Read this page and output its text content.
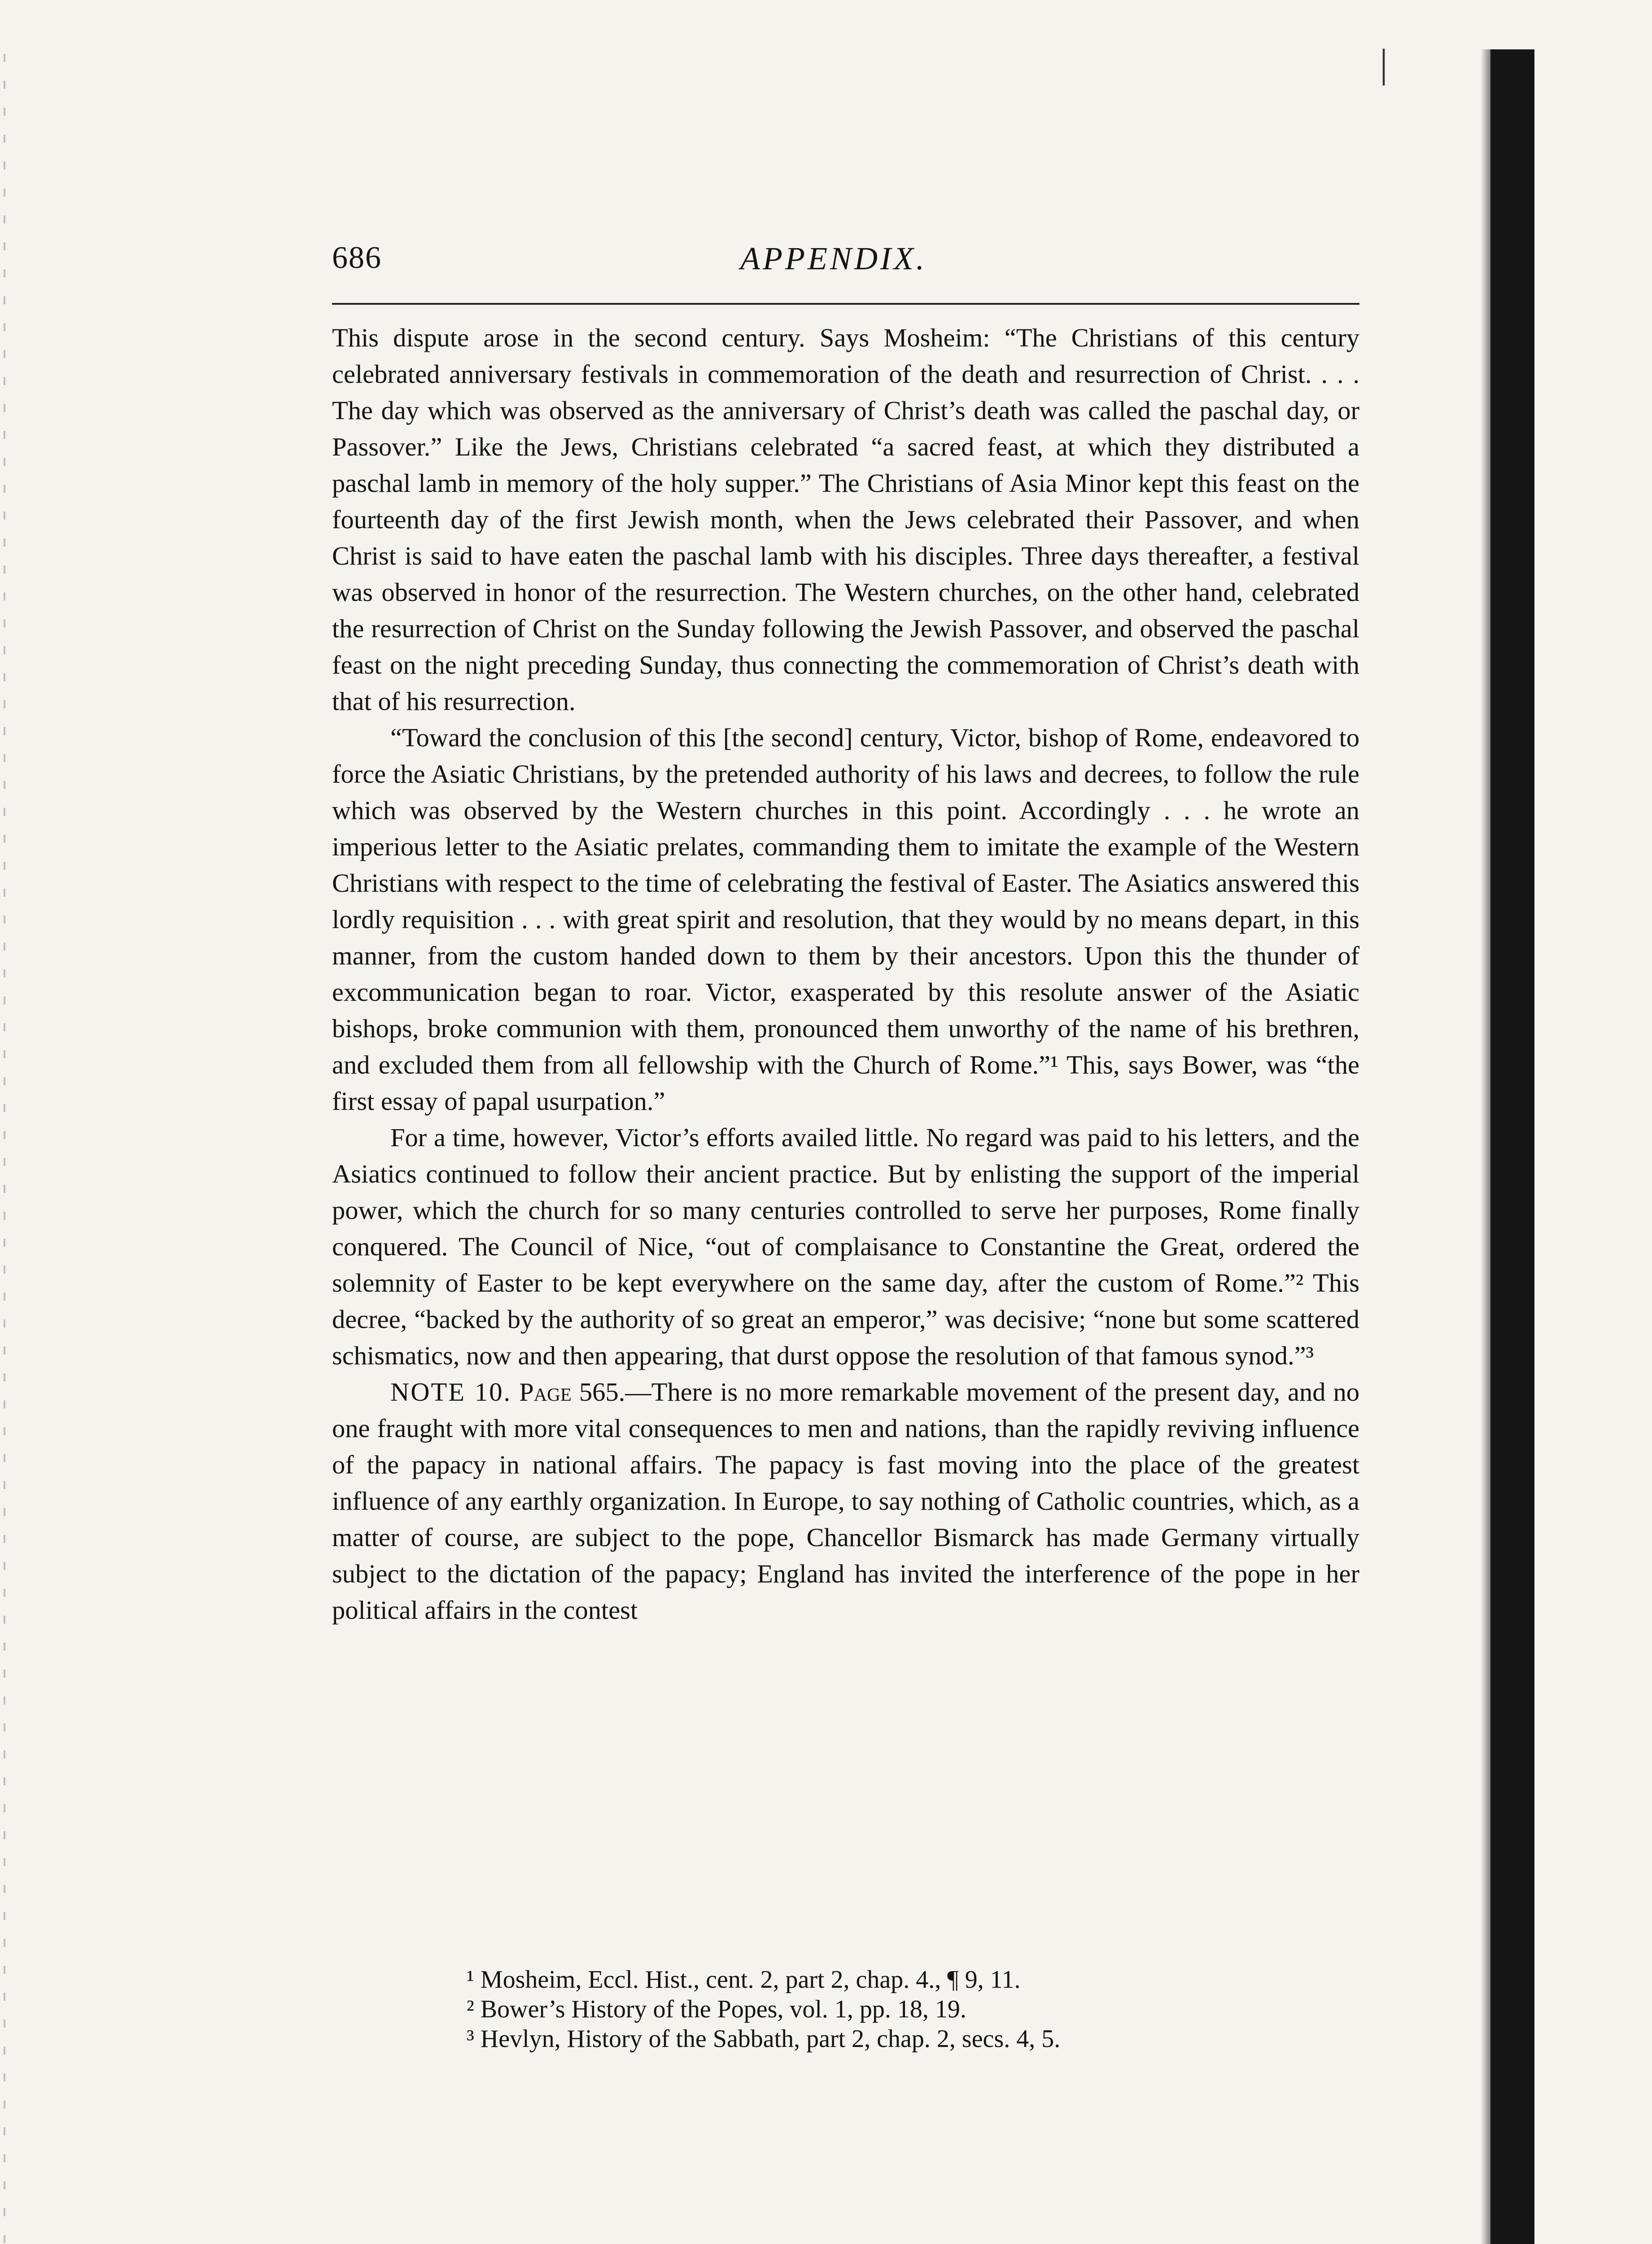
|
686	APPENDIX.

This dispute arose in the second century. Says Mosheim: “The Christians of this century celebrated anniversary festivals in commemoration of the death and resurrection of Christ. . . . The day which was observed as the anniversary of Christ’s death was called the paschal day, or Passover.” Like the Jews, Christians celebrated “a sacred feast, at which they distributed a paschal lamb in memory of the holy supper.” The Christians of Asia Minor kept this feast on the fourteenth day of the first Jewish month, when the Jews celebrated their Passover, and when Christ is said to have eaten the paschal lamb with his disciples. Three days thereafter, a festival was observed in honor of the resurrection. The Western churches, on the other hand, celebrated the resurrection of Christ on the Sunday following the Jewish Passover, and observed the paschal feast on the night preceding Sunday, thus connecting the commemoration of Christ’s death with that of his resurrection.

“Toward the conclusion of this [the second] century, Victor, bishop of Rome, endeavored to force the Asiatic Christians, by the pretended authority of his laws and decrees, to follow the rule which was observed by the Western churches in this point. Accordingly . . . he wrote an imperious letter to the Asiatic prelates, commanding them to imitate the example of the Western Christians with respect to the time of celebrating the festival of Easter. The Asiatics answered this lordly requisition . . . with great spirit and resolution, that they would by no means depart, in this manner, from the custom handed down to them by their ancestors. Upon this the thunder of excommunication began to roar. Victor, exasperated by this resolute answer of the Asiatic bishops, broke communion with them, pronounced them unworthy of the name of his brethren, and excluded them from all fellowship with the Church of Rome.”¹ This, says Bower, was “the first essay of papal usurpation.”

For a time, however, Victor’s efforts availed little. No regard was paid to his letters, and the Asiatics continued to follow their ancient practice. But by enlisting the support of the imperial power, which the church for so many centuries controlled to serve her purposes, Rome finally conquered. The Council of Nice, “out of complaisance to Constantine the Great, ordered the solemnity of Easter to be kept everywhere on the same day, after the custom of Rome.”² This decree, “backed by the authority of so great an emperor,” was decisive; “none but some scattered schismatics, now and then appearing, that durst oppose the resolution of that famous synod.”³

NOTE 10. Page 565.—There is no more remarkable movement of the present day, and no one fraught with more vital consequences to men and nations, than the rapidly reviving influence of the papacy in national affairs. The papacy is fast moving into the place of the greatest influence of any earthly organization. In Europe, to say nothing of Catholic countries, which, as a matter of course, are subject to the pope, Chancellor Bismarck has made Germany virtually subject to the dictation of the papacy; England has invited the interference of the pope in her political affairs in the contest

¹ Mosheim, Eccl. Hist., cent. 2, part 2, chap. 4., ¶ 9, 11.
² Bower’s History of the Popes, vol. 1, pp. 18, 19.
³ Hevlyn, History of the Sabbath, part 2, chap. 2, secs. 4, 5.
